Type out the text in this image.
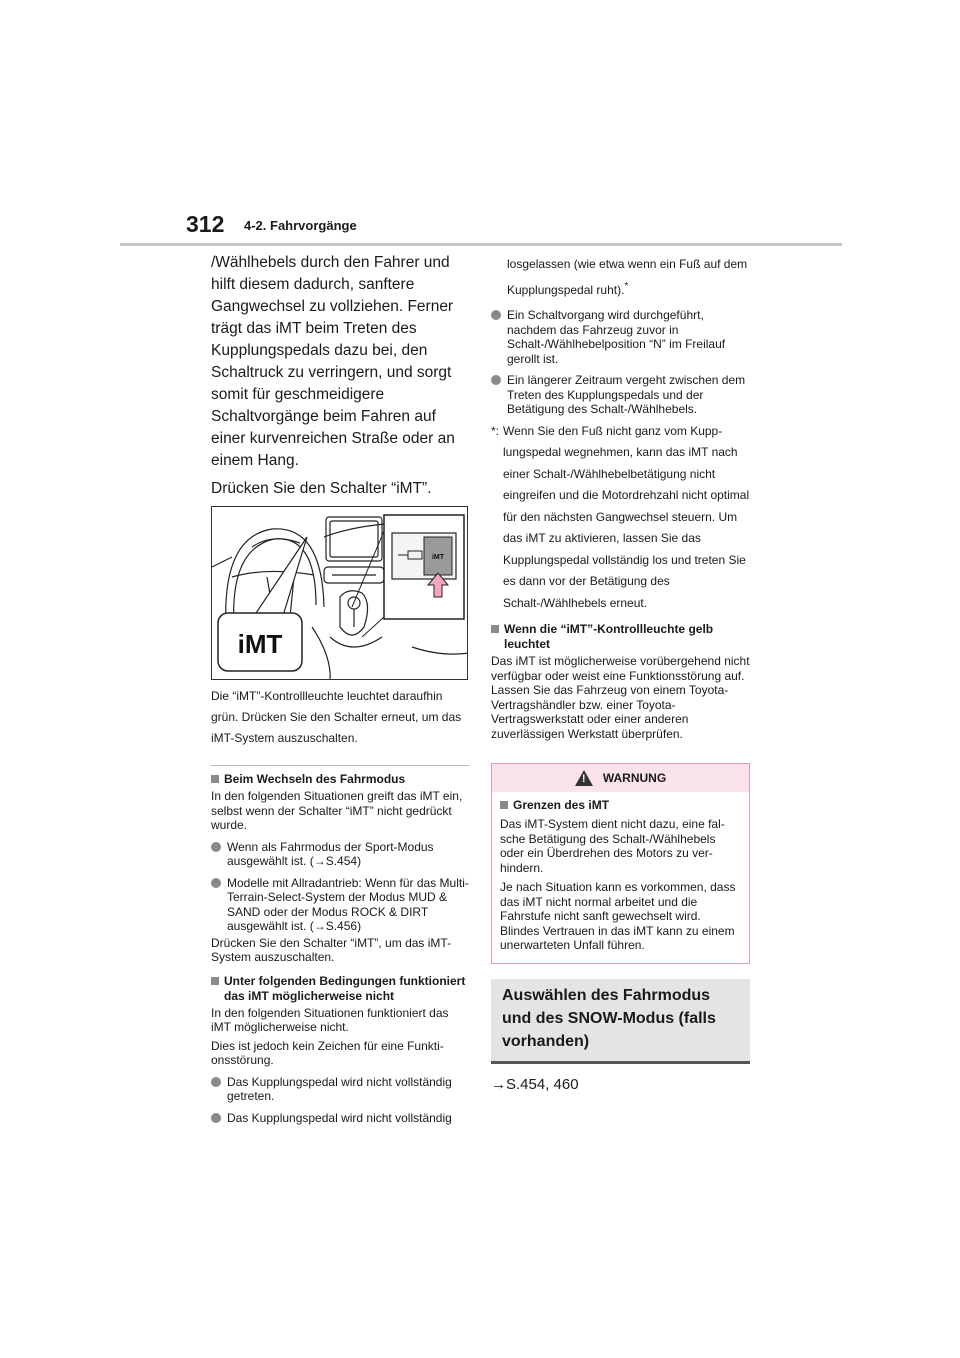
312 4-2. Fahrvorgänge

/Wählhebels durch den Fahrer und hilft diesem dadurch, sanftere Gangwechsel zu vollziehen. Ferner trägt das iMT beim Treten des Kupplungspedals dazu bei, den Schaltruck zu verringern, und sorgt somit für geschmeidigere Schaltvorgänge beim Fahren auf einer kurvenreichen Straße oder an einem Hang.

Drücken Sie den Schalter “iMT”.

iMT
iMT
Die “iMT”-Kontrollleuchte leuchtet daraufhin grün. Drücken Sie den Schalter erneut, um das iMT-System auszuschalten.
Beim Wechseln des Fahrmodus
In den folgenden Situationen greift das iMT ein, selbst wenn der Schalter “iMT” nicht gedrückt wurde.
Wenn als Fahrmodus der Sport-Modus ausgewählt ist. (→S.454)
Modelle mit Allradantrieb: Wenn für das Multi-Terrain-Select-System der Modus MUD & SAND oder der Modus ROCK & DIRT ausgewählt ist. (→S.456)
Drücken Sie den Schalter “iMT”, um das iMT-System auszuschalten.
Unter folgenden Bedingungen funktioniert das iMT möglicherweise nicht
In den folgenden Situationen funktioniert das iMT möglicherweise nicht.
Dies ist jedoch kein Zeichen für eine Funktionsstörung.
Das Kupplungspedal wird nicht vollständig getreten.
Das Kupplungspedal wird nicht vollständig
losgelassen (wie etwa wenn ein Fuß auf dem Kupplungspedal ruht).*
Ein Schaltvorgang wird durchgeführt, nachdem das Fahrzeug zuvor in Schalt-/Wählhebelposition “N” im Freilauf gerollt ist.
Ein längerer Zeitraum vergeht zwischen dem Treten des Kupplungspedals und der Betätigung des Schalt-/Wählhebels.
*: Wenn Sie den Fuß nicht ganz vom Kupplungspedal wegnehmen, kann das iMT nach einer Schalt-/Wählhebelbetätigung nicht eingreifen und die Motordrehzahl nicht optimal für den nächsten Gangwechsel steuern. Um das iMT zu aktivieren, lassen Sie das Kupplungspedal vollständig los und treten Sie es dann vor der Betätigung des Schalt-/Wählhebels erneut.
Wenn die “iMT”-Kontrollleuchte gelb leuchtet
Das iMT ist möglicherweise vorübergehend nicht verfügbar oder weist eine Funktionsstörung auf. Lassen Sie das Fahrzeug von einem Toyota-Vertragshändler bzw. einer Toyota-Vertragswerkstatt oder einer anderen zuverlässigen Werkstatt überprüfen.
!
WARNUNG
Grenzen des iMT
Das iMT-System dient nicht dazu, eine falsche Betätigung des Schalt-/Wählhebels oder ein Überdrehen des Motors zu verhindern.
Je nach Situation kann es vorkommen, dass das iMT nicht normal arbeitet und die Fahrstufe nicht sanft gewechselt wird. Blindes Vertrauen in das iMT kann zu einem unerwarteten Unfall führen.
Auswählen des Fahrmodus und des SNOW-Modus (falls vorhanden)
→S.454, 460
